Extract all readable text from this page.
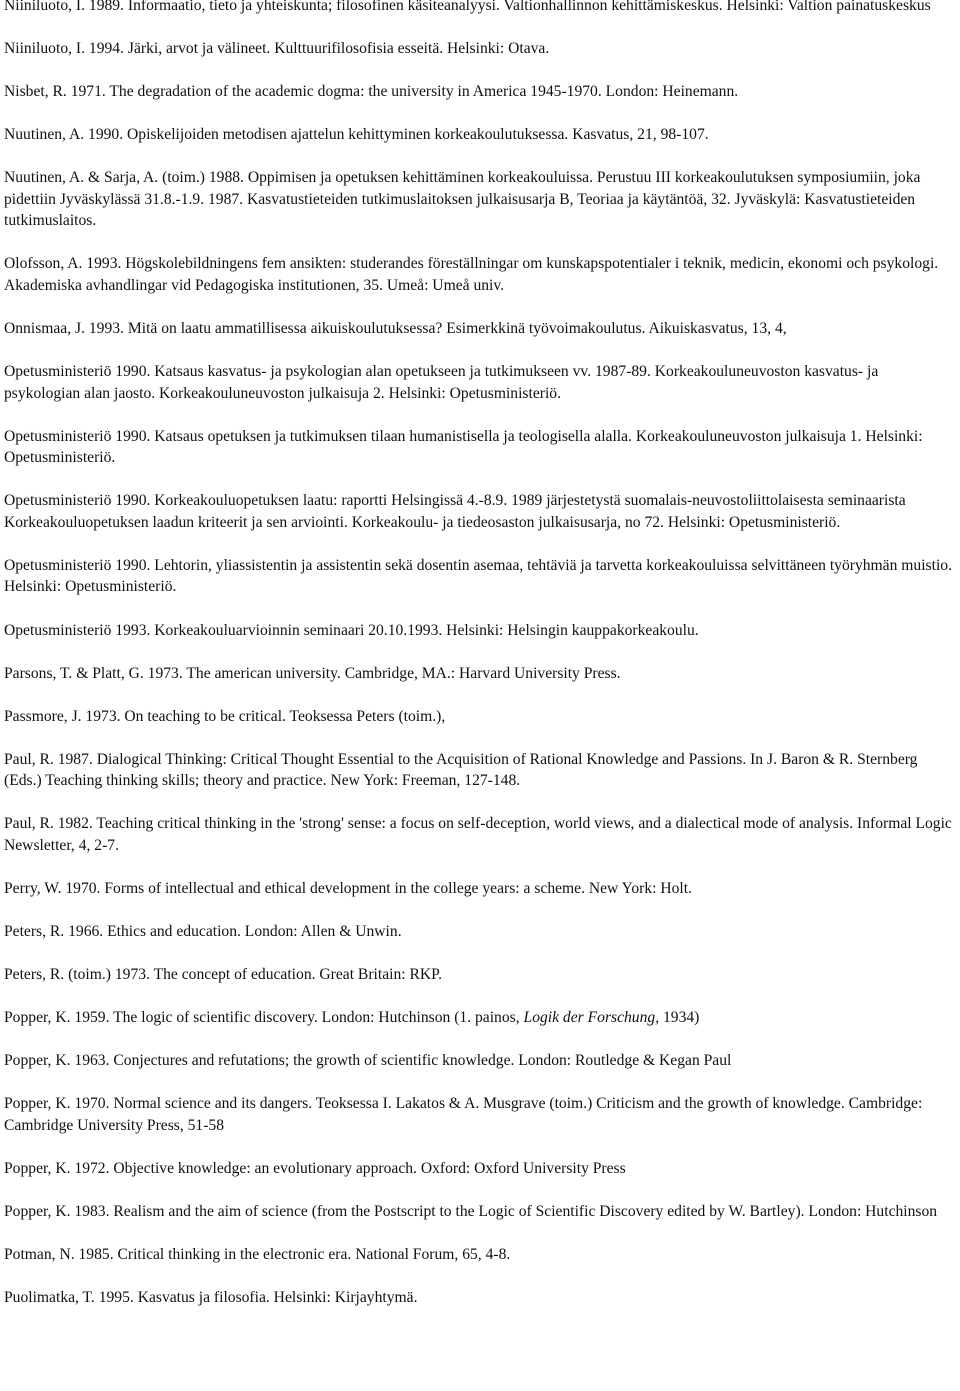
Niiniluoto, I. 1989. Informaatio, tieto ja yhteiskunta; filosofinen käsiteanalyysi. Valtionhallinnon kehittämiskeskus. Helsinki: Valtion painatuskeskus

Niiniluoto, I. 1994. Järki, arvot ja välineet. Kulttuurifilosofisia esseitä. Helsinki: Otava.

Nisbet, R. 1971. The degradation of the academic dogma: the university in America 1945-1970. London: Heinemann.

Nuutinen, A. 1990. Opiskelijoiden metodisen ajattelun kehittyminen korkeakoulutuksessa. Kasvatus, 21, 98-107.

Nuutinen, A. & Sarja, A. (toim.) 1988. Oppimisen ja opetuksen kehittäminen korkeakouluissa. Perustuu III korkeakoulutuksen symposiumiin, joka pidettiin Jyväskylässä 31.8.-1.9. 1987. Kasvatustieteiden tutkimuslaitoksen julkaisusarja B, Teoriaa ja käytäntöä, 32. Jyväskylä: Kasvatustieteiden tutkimuslaitos.

Olofsson, A. 1993. Högskolebildningens fem ansikten: studerandes föreställningar om kunskapspotentialer i teknik, medicin, ekonomi och psykologi. Akademiska avhandlingar vid Pedagogiska institutionen, 35. Umeå: Umeå univ.

Onnismaa, J. 1993. Mitä on laatu ammatillisessa aikuiskoulutuksessa? Esimerkkinä työvoimakoulutus. Aikuiskasvatus, 13, 4,

Opetusministeriö 1990. Katsaus kasvatus- ja psykologian alan opetukseen ja tutkimukseen vv. 1987-89. Korkeakouluneuvoston kasvatus- ja psykologian alan jaosto. Korkeakouluneuvoston julkaisuja 2. Helsinki: Opetusministeriö.

Opetusministeriö 1990. Katsaus opetuksen ja tutkimuksen tilaan humanistisella ja teologisella alalla. Korkeakouluneuvoston julkaisuja 1. Helsinki: Opetusministeriö.

Opetusministeriö 1990. Korkeakouluopetuksen laatu: raportti Helsingissä 4.-8.9. 1989 järjestetystä suomalais-neuvostoliittolaisesta seminaarista Korkeakouluopetuksen laadun kriteerit ja sen arviointi. Korkeakoulu- ja tiedeosaston julkaisusarja, no 72. Helsinki: Opetusministeriö.

Opetusministeriö 1990. Lehtorin, yliassistentin ja assistentin sekä dosentin asemaa, tehtäviä ja tarvetta korkeakouluissa selvittäneen työryhmän muistio. Helsinki: Opetusministeriö.

Opetusministeriö 1993. Korkeakouluarvioinnin seminaari 20.10.1993. Helsinki: Helsingin kauppakorkeakoulu.

Parsons, T. & Platt, G. 1973. The american university. Cambridge, MA.: Harvard University Press.

Passmore, J. 1973. On teaching to be critical. Teoksessa Peters (toim.),

Paul, R. 1987. Dialogical Thinking: Critical Thought Essential to the Acquisition of Rational Knowledge and Passions. In J. Baron & R. Sternberg (Eds.) Teaching thinking skills; theory and practice. New York: Freeman, 127-148.

Paul, R. 1982. Teaching critical thinking in the 'strong' sense: a focus on self-deception, world views, and a dialectical mode of analysis. Informal Logic Newsletter, 4, 2-7.

Perry, W. 1970. Forms of intellectual and ethical development in the college years: a scheme. New York: Holt.

Peters, R. 1966. Ethics and education. London: Allen & Unwin.

Peters, R. (toim.) 1973. The concept of education. Great Britain: RKP.

Popper, K. 1959. The logic of scientific discovery. London: Hutchinson (1. painos, Logik der Forschung, 1934)

Popper, K. 1963. Conjectures and refutations; the growth of scientific knowledge. London: Routledge & Kegan Paul

Popper, K. 1970. Normal science and its dangers. Teoksessa I. Lakatos & A. Musgrave (toim.) Criticism and the growth of knowledge. Cambridge: Cambridge University Press, 51-58

Popper, K. 1972. Objective knowledge: an evolutionary approach. Oxford: Oxford University Press

Popper, K. 1983. Realism and the aim of science (from the Postscript to the Logic of Scientific Discovery edited by W. Bartley). London: Hutchinson

Potman, N. 1985. Critical thinking in the electronic era. National Forum, 65, 4-8.

Puolimatka, T. 1995. Kasvatus ja filosofia. Helsinki: Kirjayhtymä.
